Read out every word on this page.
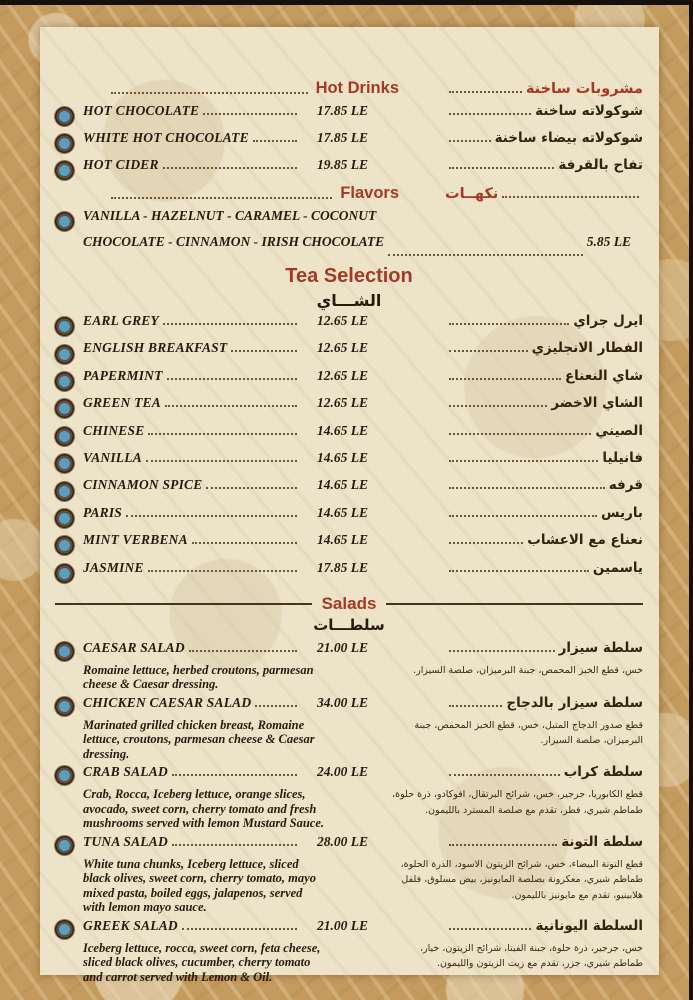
Hot Drinks	مشروبات ساخنة
HOT CHOCOLATE	17.85 LE	شوكولاته ساخنة
WHITE HOT CHOCOLATE	17.85 LE	شوكولاته بيضاء ساخنة
HOT CIDER	19.85 LE	تفاح بالقرفة
Flavors	نكهــات
VANILLA - HAZELNUT - CARAMEL - COCONUT
CHOCOLATE - CINNAMON - IRISH CHOCOLATE	5.85 LE
Tea Selection
الشـــاي
EARL GREY	12.65 LE	ايرل جراي
ENGLISH BREAKFAST	12.65 LE	الفطار الانجليزي
PAPERMINT	12.65 LE	شاي النعناع
GREEN TEA	12.65 LE	الشاي الاخضر
CHINESE	14.65 LE	الصيني
VANILLA	14.65 LE	فانيليا
CINNAMON SPICE	14.65 LE	قرفه
PARIS	14.65 LE	باريس
MINT VERBENA	14.65 LE	نعناع مع الاعشاب
JASMINE	17.85 LE	ياسمين
Salads
سلطـــات
CAESAR SALAD	21.00 LE	سلطة سيزار
Romaine lettuce, herbed croutons, parmesan cheese & Caesar dressing.
خس، قطع الخبز المحمص، جبنة البرميزان، صلصة السيزار.
CHICKEN CAESAR SALAD	34.00 LE	سلطة سيزار بالدجاج
Marinated grilled chicken breast, Romaine lettuce, croutons, parmesan cheese & Caesar dressing.
قطع صدور الدجاج المتبل، خس، قطع الخبز المحمص، جبنة البرميزان، صلصة السيزار.
CRAB SALAD	24.00 LE	سلطة كراب
Crab, Rocca, Iceberg lettuce, orange slices, avocado, sweet corn, cherry tomato and fresh mushrooms served with lemon Mustard Sauce.
قطع الكابوريا، جرجير، خس، شرائح البرتقال، افوكادو، ذرة حلوة، طماطم شيري، فطر، تقدم مع صلصة المسترد بالليمون.
TUNA SALAD	28.00 LE	سلطة التونة
White tuna chunks, Iceberg lettuce, sliced black olives, sweet corn, cherry tomato, mayo mixed pasta, boiled eggs, jalapenos, served with lemon mayo sauce.
قطع التونة البيضاء، خس، شرائح الزيتون الاسود، الذرة الحلوة، طماطم شيري، معكرونة بصلصة المايونيز، بيض مسلوق، فلفل هلابينيو، تقدم مع مايونيز بالليمون.
GREEK SALAD	21.00 LE	السلطة اليونانية
Iceberg lettuce, rocca, sweet corn, feta cheese, sliced black olives, cucumber, cherry tomato and carrot served with Lemon & Oil.
خس، جرجير، ذرة حلوة، جبنة الفيتا، شرائح الزيتون، خيار، طماطم شيري، جزر، تقدم مع زيت الزيتون والليمون.
